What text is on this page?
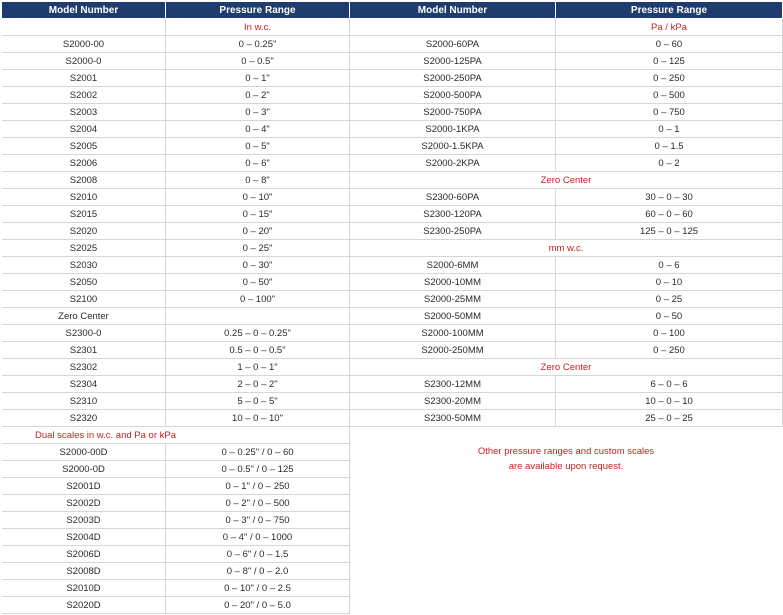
Model Number	Pressure Range	Model Number	Pressure Range
In w.c.
S2000-00	0 – 0.25"
S2000-0	0 – 0.5"
S2001	0 – 1"
S2002	0 – 2"
S2003	0 – 3"
S2004	0 – 4"
S2005	0 – 5"
S2006	0 – 6"
S2008	0 – 8"
S2010	0 – 10"
S2015	0 – 15"
S2020	0 – 20"
S2025	0 – 25"
S2030	0 – 30"
S2050	0 – 50"
S2100	0 – 100"
Zero Center
S2300-0	0.25 – 0 – 0.25"
S2301	0.5 – 0 – 0.5"
S2302	1 – 0 – 1"
S2304	2 – 0 – 2"
S2310	5 – 0 – 5"
S2320	10 – 0 – 10"
Dual scales in w.c. and Pa or kPa
S2000-00D	0 – 0.25" / 0 – 60
S2000-0D	0 – 0.5" / 0 – 125
S2001D	0 – 1" / 0 – 250
S2002D	0 – 2" / 0 – 500
S2003D	0 – 3" / 0 – 750
S2004D	0 – 4" / 0 – 1000
S2006D	0 – 6" / 0 – 1.5
S2008D	0 – 8" / 0 – 2.0
S2010D	0 – 10" / 0 – 2.5
S2020D	0 – 20" / 0 – 5.0
Pa / kPa
S2000-60PA	0 – 60
S2000-125PA	0 – 125
S2000-250PA	0 – 250
S2000-500PA	0 – 500
S2000-750PA	0 – 750
S2000-1KPA	0 – 1
S2000-1.5KPA	0 – 1.5
S2000-2KPA	0 – 2
Zero Center
S2300-60PA	30 – 0 – 30
S2300-120PA	60 – 0 – 60
S2300-250PA	125 – 0 – 125
mm w.c.
S2000-6MM	0 – 6
S2000-10MM	0 – 10
S2000-25MM	0 – 25
S2000-50MM	0 – 50
S2000-100MM	0 – 100
S2000-250MM	0 – 250
Zero Center
S2300-12MM	6 – 0 – 6
S2300-20MM	10 – 0 – 10
S2300-50MM	25 – 0 – 25
Other pressure ranges and custom scales
are available upon request.
